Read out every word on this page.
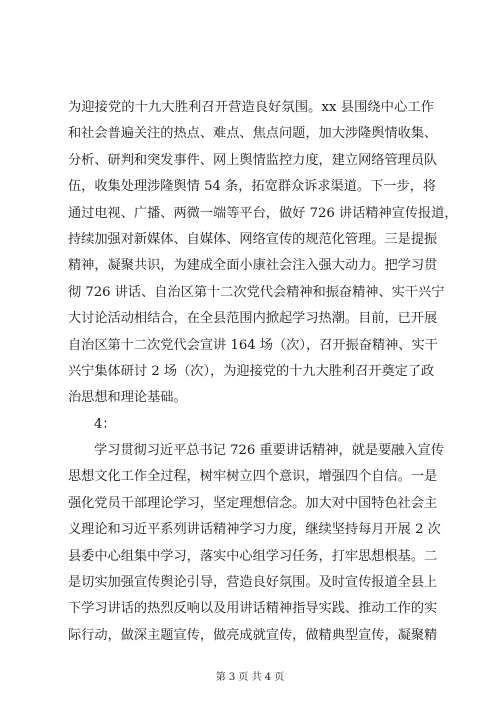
为迎接党的十九大胜利召开营造良好氛围。xx 县围绕中心工作
和社会普遍关注的热点、难点、焦点问题，加大涉隆舆情收集、
分析、研判和突发事件、网上舆情监控力度，建立网络管理员队
伍，收集处理涉隆舆情 54 条，拓宽群众诉求渠道。下一步，将
通过电视、广播、两微一端等平台，做好 726 讲话精神宣传报道，
持续加强对新媒体、自媒体、网络宣传的规范化管理。三是提振
精神，凝聚共识，为建成全面小康社会注入强大动力。把学习贯
彻 726 讲话、自治区第十二次党代会精神和振奋精神、实干兴宁
大讨论活动相结合，在全县范围内掀起学习热潮。目前，已开展
自治区第十二次党代会宣讲 164 场（次），召开振奋精神、实干
兴宁集体研讨 2 场（次），为迎接党的十九大胜利召开奠定了政
治思想和理论基础。
4：
学习贯彻习近平总书记 726 重要讲话精神，就是要融入宣传
思想文化工作全过程，树牢树立四个意识，增强四个自信。一是
强化党员干部理论学习，坚定理想信念。加大对中国特色社会主
义理论和习近平系列讲话精神学习力度，继续坚持每月开展 2 次
县委中心组集中学习，落实中心组学习任务，打牢思想根基。二
是切实加强宣传舆论引导，营造良好氛围。及时宣传报道全县上
下学习讲话的热烈反响以及用讲话精神指导实践、推动工作的实
际行动，做深主题宣传，做亮成就宣传，做精典型宣传，凝聚精
第 3 页 共 4 页
